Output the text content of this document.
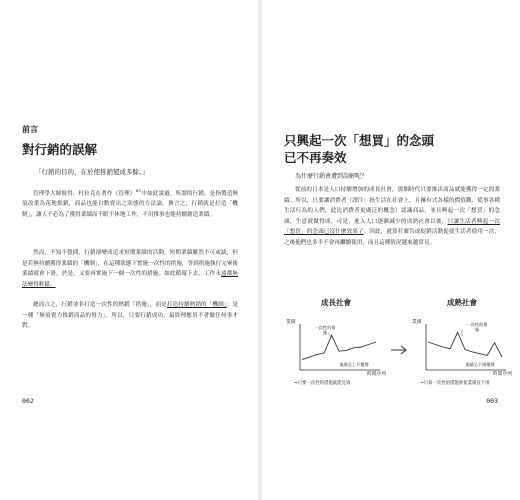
前言
對行銷的誤解
「行銷的目的，在於使推銷變成多餘。」

管理學大師彼得．杜拉克在著作《管理》$^{※1}$中如此說過。所謂的行銷，是指製造無須改業為花地推銷，商品也能自動賣出之狀態的方法論。換言之，行銷就是打造「機制」，讓人不必為了獲得業績而不眠不休地工作，不用推事也能持續創造業績。

然而，不知不覺間，行銷卻變成追求短期業績的活動。短期業績雖然不可或缺，但是若無持續獲得業績的「機制」，在這種狀態下實施一次性的措施，等到措施執行完畢後業績就會下滑。於是，又要再實施下一個一次性的措施。如此循環下去，工作永遠都無法變得輕鬆。

總而言之，行銷並非打造一次性的熱銷「措施」，而是打造持續熱銷的「機制」；是一種「無須賣力推銷商品的努力」。所以，只要行銷成功，最終理應用不著做任何事才對。

002
只興起一次「想買」的念頭
已不再奏效
為什麼行銷會遭到誤解呢？

從前的日本是人口持續增加的成長社會，那個時代只要推出商品就能獲得一定的業績。所以，只要讓消費者（譯注：指生活在社會上，且擁有式各樣的價值觀、從事各種生活行為的人們，此比消費者更廣泛的概念）認識商品，並且興起一次「想買」的念頭，生意就做得成。可是，進入人口逐漸減少的成熟社會以後，只讓生活者興起一次「想買」的念頭已沒什麼效果了。因此，就算打廣告或促銷活動促使生活者使用一次，之後他們也多半不會再繼續使用，而且這種情況越來越常見。

成長社會
業績
時間序列
一次性的措施
業績呈上升趨勢
⇒只要一次性的措施就能見效
成熟社會
業績
時間序列
一次性的措施
業績呈下降趨勢
⇒只靠一次性的措施會使業績直下滑
003
